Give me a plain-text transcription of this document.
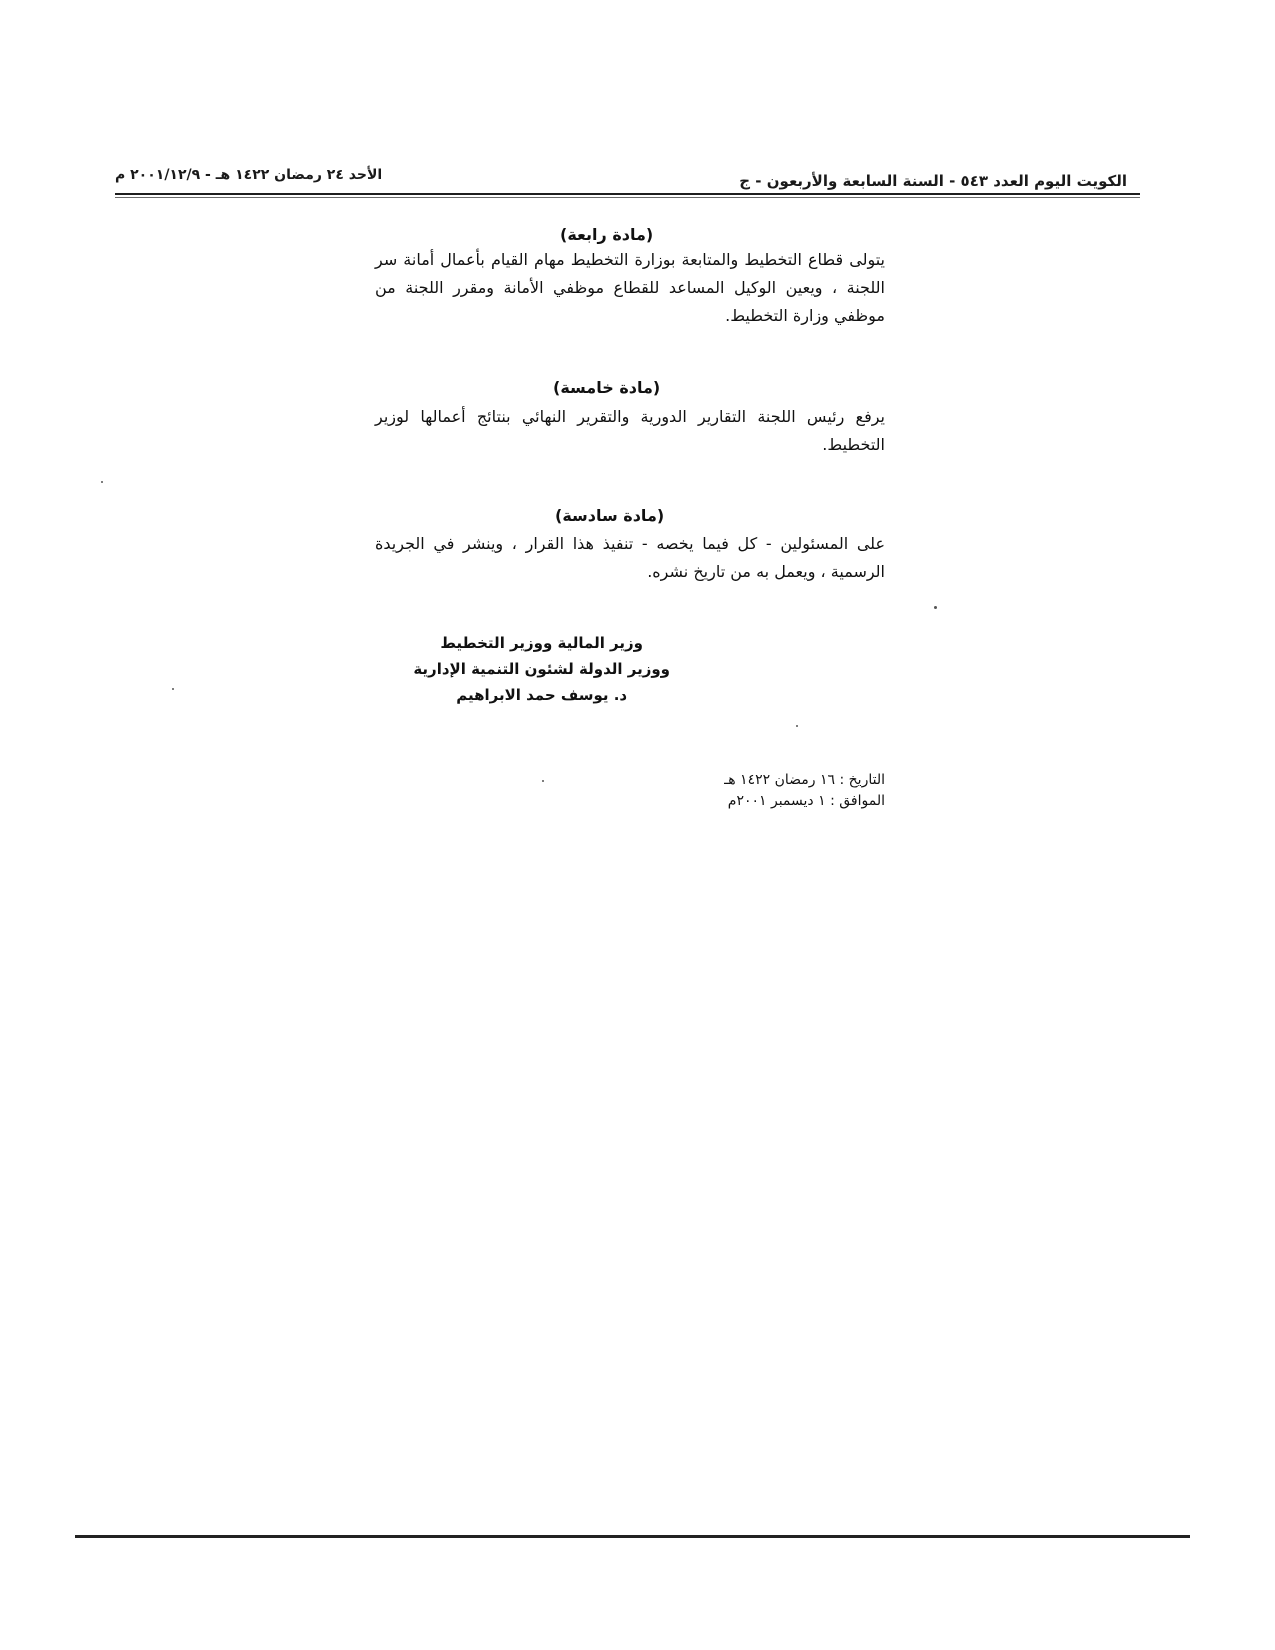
الكويت اليوم العدد ٥٤٣ - السنة السابعة والأربعون - ج
الأحد ٢٤ رمضان ١٤٢٢ هـ - ٢٠٠١/١٢/٩ م
(مادة رابعة)
يتولى قطاع التخطيط والمتابعة بوزارة التخطيط مهام القيام بأعمال أمانة سر اللجنة ، ويعين الوكيل المساعد للقطاع موظفي الأمانة ومقرر اللجنة من موظفي وزارة التخطيط.
(مادة خامسة)
يرفع رئيس اللجنة التقارير الدورية والتقرير النهائي بنتائج أعمالها لوزير التخطيط.
(مادة سادسة)
على المسئولين - كل فيما يخصه - تنفيذ هذا القرار ، وينشر في الجريدة الرسمية ، ويعمل به من تاريخ نشره.
وزير المالية ووزير التخطيط
ووزير الدولة لشئون التنمية الإدارية
د. يوسف حمد الابراهيم
التاريخ : ١٦ رمضان ١٤٢٢ هـ
الموافق : ١ ديسمبر ٢٠٠١م
